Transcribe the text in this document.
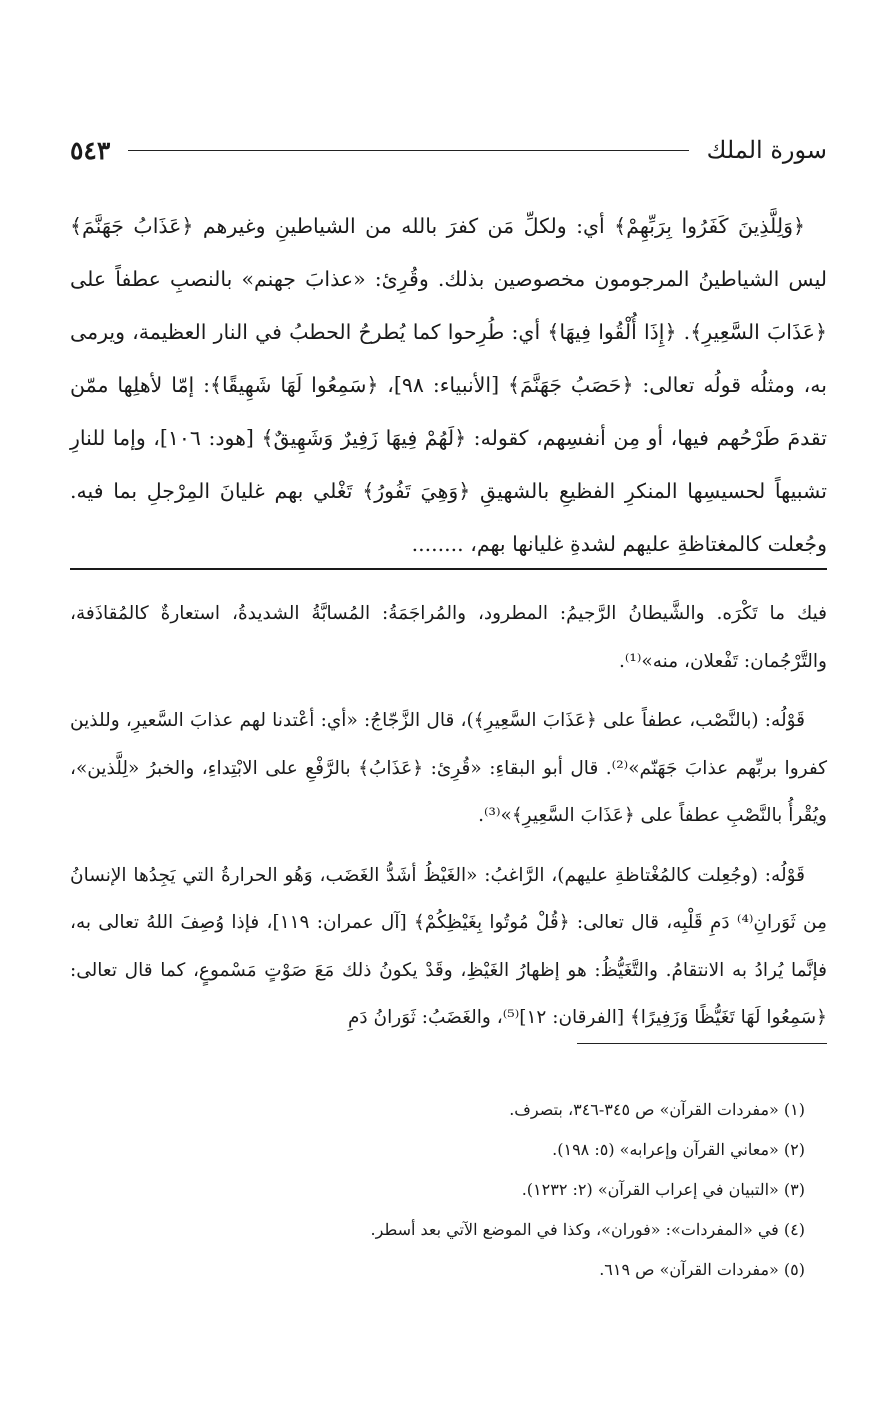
سورة الملك
٥٤٣

﴿وَلِلَّذِينَ كَفَرُوا بِرَبِّهِمْ﴾ أي: ولكلِّ مَن كفرَ بالله من الشياطينِ وغيرهم ﴿عَذَابُ جَهَنَّمَ﴾ ليس الشياطينُ المرجومون مخصوصين بذلك. وقُرِئ: «عذابَ جهنم» بالنصبِ عطفاً على ﴿عَذَابَ السَّعِيرِ﴾. ﴿إِذَا أُلْقُوا فِيهَا﴾ أي: طُرِحوا كما يُطرحُ الحطبُ في النار العظيمة، ويرمى به، ومثلُه قولُه تعالى: ﴿حَصَبُ جَهَنَّمَ﴾ [الأنبياء: ٩٨]، ﴿سَمِعُوا لَهَا شَهِيقًا﴾: إمّا لأهلِها ممّن تقدمَ طَرْحُهم فيها، أو مِن أنفسِهم، كقوله: ﴿لَهُمْ فِيهَا زَفِيرٌ وَشَهِيقٌ﴾ [هود: ١٠٦]، وإما للنارِ تشبيهاً لحسيسِها المنكرِ الفظيعِ بالشهيقِ ﴿وَهِيَ تَفُورُ﴾ تَغْلي بهم غليانَ المِرْجلِ بما فيه. وجُعلت كالمغتاظةِ عليهم لشدةِ غليانها بهم، ........

فيك ما تَكْرَه. والشَّيطانُ الرَّجيمُ: المطرود، والمُراجَمَةُ: المُسابَّةُ الشديدةُ، استعارةٌ كالمُقاذَفة، والتَّرْجُمان: تَفْعلان، منه»⁽¹⁾.

قَوْلُه: (بالنَّصْب، عطفاً على ﴿عَذَابَ السَّعِيرِ﴾)، قال الزَّجّاجُ: «أي: أعْتدنا لهم عذابَ السَّعيرِ، وللذين كفروا بربِّهم عذابَ جَهَنّم»⁽²⁾. قال أبو البقاءِ: «قُرِئ: ﴿عَذَابُ﴾ بالرَّفْعِ على الابْتِداءِ، والخبرُ «لِلَّذين»، ويُقْرأُ بالنَّصْبِ عطفاً على ﴿عَذَابَ السَّعِيرِ﴾»⁽³⁾.

قَوْلُه: (وجُعِلت كالمُغْتاظةِ عليهم)، الرَّاغبُ: «الغَيْظُ أشَدُّ الغَضَب، وَهُو الحرارةُ التي يَجِدُها الإنسانُ مِن ثَوَرانِ⁽⁴⁾ دَمِ قَلْبِه، قال تعالى: ﴿قُلْ مُوتُوا بِغَيْظِكُمْ﴾ [آل عمران: ١١٩]، فإذا وُصِفَ اللهُ تعالى به، فإنَّما يُرادُ به الانتقامُ. والتَّغَيُّظُ: هو إظهارُ الغَيْظِ، وقَدْ يكونُ ذلك مَعَ صَوْتٍ مَسْموعٍ، كما قال تعالى: ﴿سَمِعُوا لَهَا تَغَيُّظًا وَزَفِيرًا﴾ [الفرقان: ١٢]⁽⁵⁾، والغَضَبُ: ثَوَرانُ دَمِ

(١) «مفردات القرآن» ص ٣٤٥-٣٤٦، بتصرف.
(٢) «معاني القرآن وإعرابه» (٥: ١٩٨).
(٣) «التبيان في إعراب القرآن» (٢: ١٢٣٢).
(٤) في «المفردات»: «فوران»، وكذا في الموضع الآتي بعد أسطر.
(٥) «مفردات القرآن» ص ٦١٩.
